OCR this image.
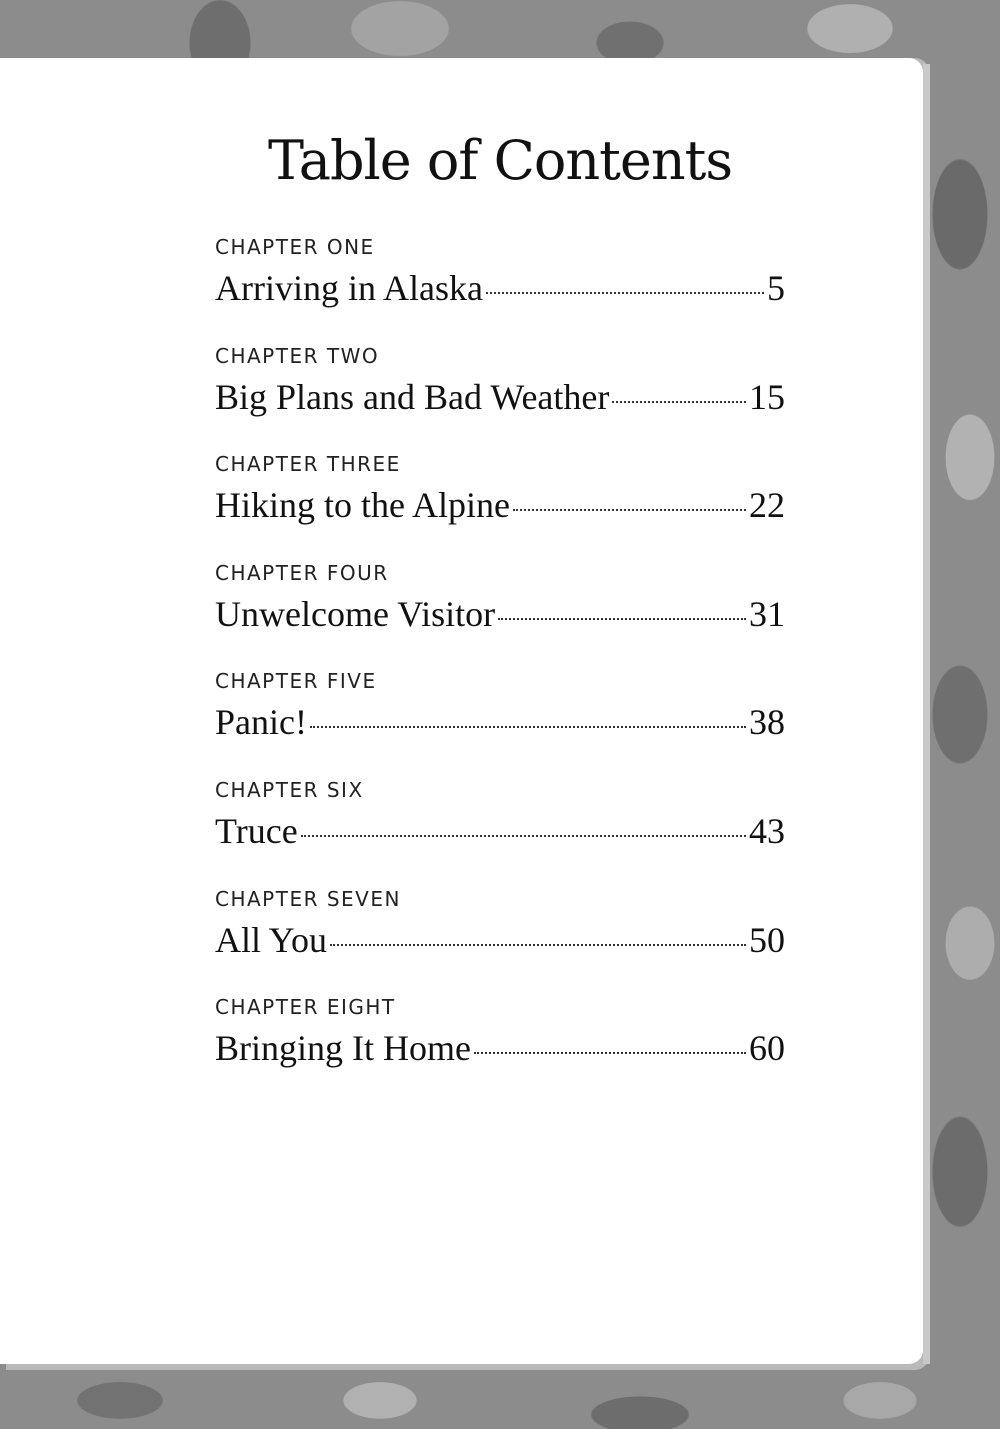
Table of Contents
CHAPTER ONE
Arriving in Alaska	5
CHAPTER TWO
Big Plans and Bad Weather	15
CHAPTER THREE
Hiking to the Alpine	22
CHAPTER FOUR
Unwelcome Visitor	31
CHAPTER FIVE
Panic!	38
CHAPTER SIX
Truce	43
CHAPTER SEVEN
All You	50
CHAPTER EIGHT
Bringing It Home	60
